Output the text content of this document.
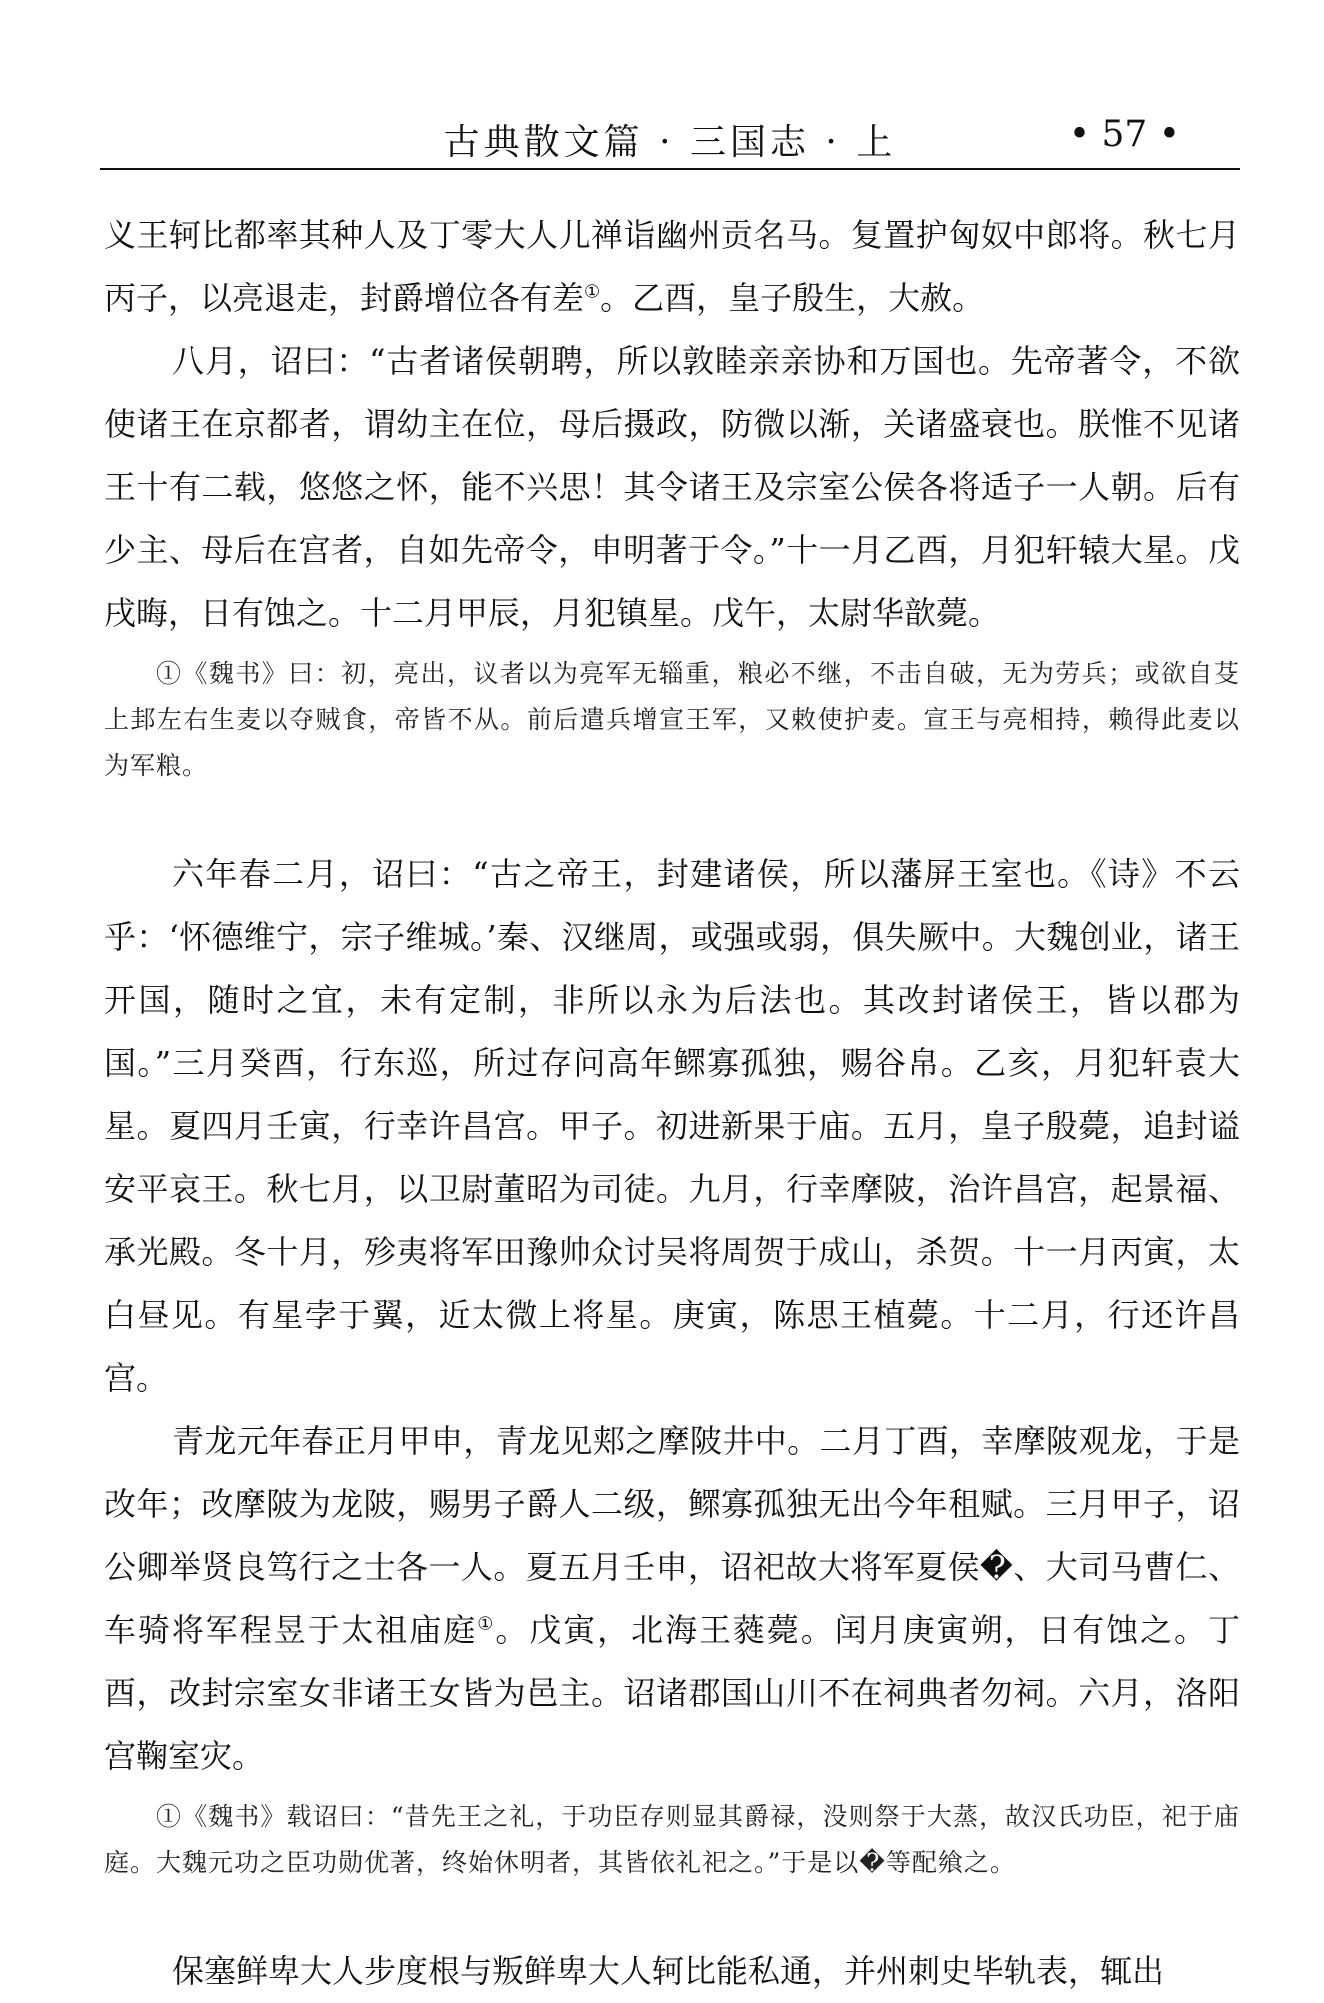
古典散文篇 · 三国志 · 上	• 57 •

义王轲比都率其种人及丁零大人儿禅诣幽州贡名马。复置护匈奴中郎将。秋七月丙子，以亮退走，封爵增位各有差①。乙酉，皇子殷生，大赦。

八月，诏曰：“古者诸侯朝聘，所以敦睦亲亲协和万国也。先帝著令，不欲使诸王在京都者，谓幼主在位，母后摄政，防微以渐，关诸盛衰也。朕惟不见诸王十有二载，悠悠之怀，能不兴思！其令诸王及宗室公侯各将适子一人朝。后有少主、母后在宫者，自如先帝令，申明著于令。”十一月乙酉，月犯轩辕大星。戊戌晦，日有蚀之。十二月甲辰，月犯镇星。戊午，太尉华歆薨。

①《魏书》曰：初，亮出，议者以为亮军无辎重，粮必不继，不击自破，无为劳兵；或欲自芟上邽左右生麦以夺贼食，帝皆不从。前后遣兵增宣王军，又敕使护麦。宣王与亮相持，赖得此麦以为军粮。

六年春二月，诏曰：“古之帝王，封建诸侯，所以藩屏王室也。《诗》不云乎：‘怀德维宁，宗子维城。’秦、汉继周，或强或弱，俱失厥中。大魏创业，诸王开国，随时之宜，未有定制，非所以永为后法也。其改封诸侯王，皆以郡为国。”三月癸酉，行东巡，所过存问高年鳏寡孤独，赐谷帛。乙亥，月犯轩袁大星。夏四月壬寅，行幸许昌宫。甲子。初进新果于庙。五月，皇子殷薨，追封谥安平哀王。秋七月，以卫尉董昭为司徒。九月，行幸摩陂，治许昌宫，起景福、承光殿。冬十月，殄夷将军田豫帅众讨吴将周贺于成山，杀贺。十一月丙寅，太白昼见。有星孛于翼，近太微上将星。庚寅，陈思王植薨。十二月，行还许昌宫。

青龙元年春正月甲申，青龙见郏之摩陂井中。二月丁酉，幸摩陂观龙，于是改年；改摩陂为龙陂，赐男子爵人二级，鳏寡孤独无出今年租赋。三月甲子，诏公卿举贤良笃行之士各一人。夏五月壬申，诏祀故大将军夏侯�、大司马曹仁、车骑将军程昱于太祖庙庭①。戊寅，北海王蕤薨。闰月庚寅朔，日有蚀之。丁酉，改封宗室女非诸王女皆为邑主。诏诸郡国山川不在祠典者勿祠。六月，洛阳宫鞠室灾。

①《魏书》载诏曰：“昔先王之礼，于功臣存则显其爵禄，没则祭于大蒸，故汉氏功臣，祀于庙庭。大魏元功之臣功勋优著，终始休明者，其皆依礼祀之。”于是以�等配飨之。

保塞鲜卑大人步度根与叛鲜卑大人轲比能私通，并州刺史毕轨表，辄出
